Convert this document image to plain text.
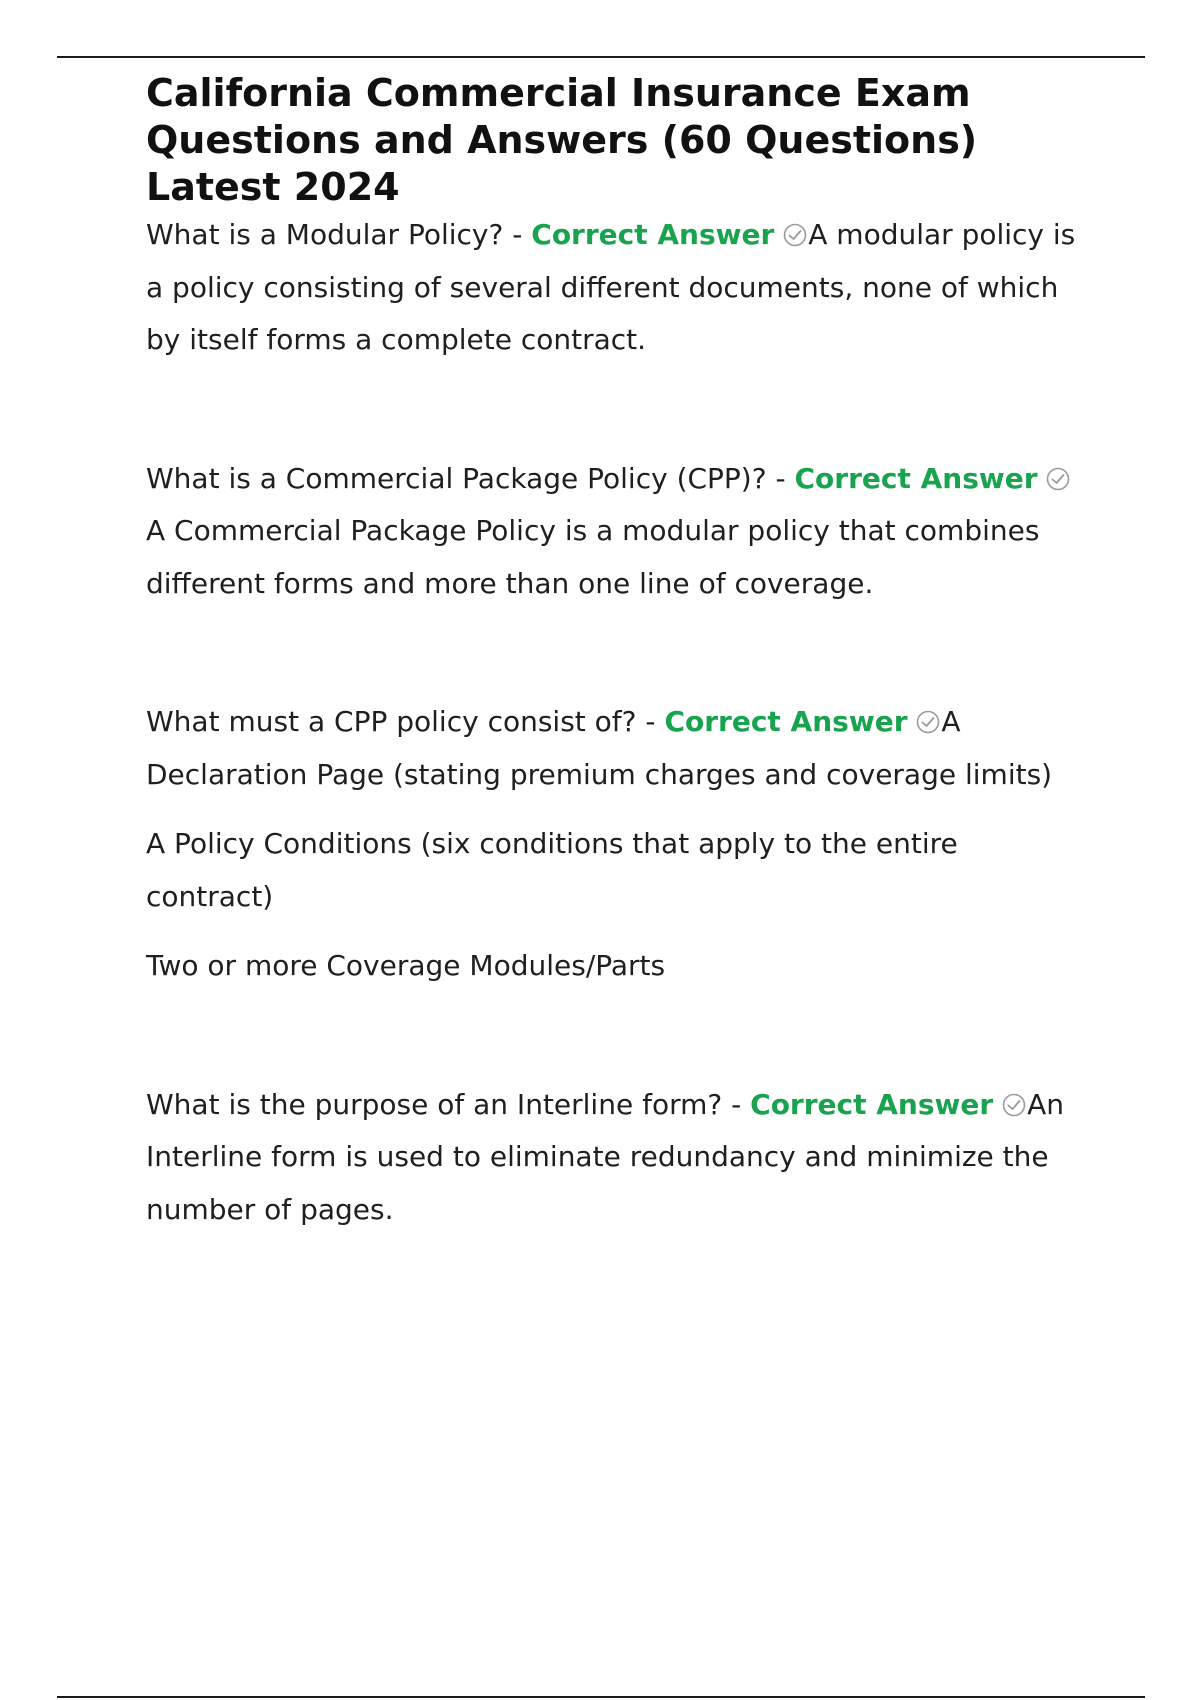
California Commercial Insurance Exam Questions and Answers (60 Questions) Latest 2024

What is a Modular Policy? - Correct Answer A modular policy is a policy consisting of several different documents, none of which by itself forms a complete contract.

What is a Commercial Package Policy (CPP)? - Correct Answer
A Commercial Package Policy is a modular policy that combines different forms and more than one line of coverage.

What must a CPP policy consist of? - Correct Answer A Declaration Page (stating premium charges and coverage limits)

A Policy Conditions (six conditions that apply to the entire contract)

Two or more Coverage Modules/Parts

What is the purpose of an Interline form? - Correct Answer An Interline form is used to eliminate redundancy and minimize the number of pages.
